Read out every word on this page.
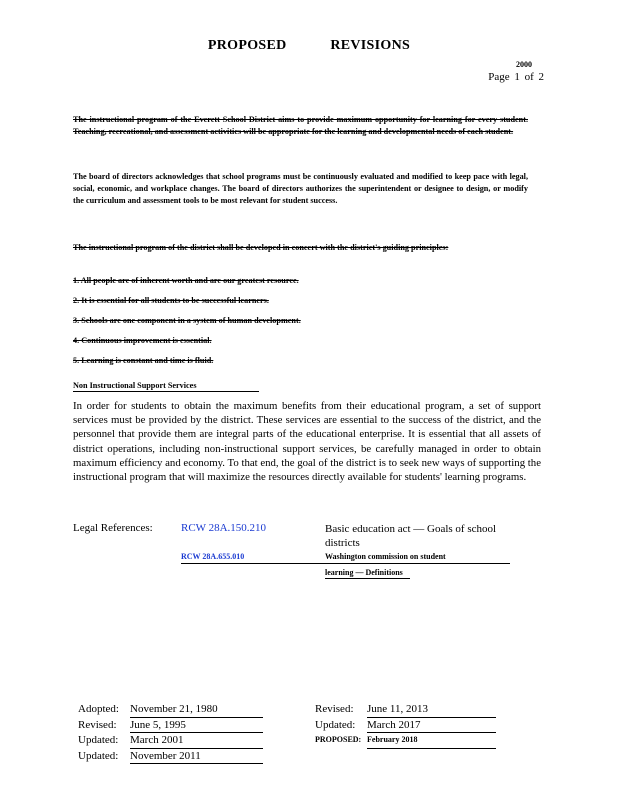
PROPOSED REVISIONS
2000
Page 1 of 2
The instructional program of the Everett School District aims to provide maximum opportunity for learning for every student. Teaching, recreational, and assessment activities will be appropriate for the learning and developmental needs of each student.
The board of directors acknowledges that school programs must be continuously evaluated and modified to keep pace with legal, social, economic, and workplace changes. The board of directors authorizes the superintendent or designee to design, or modify the curriculum and assessment tools to be most relevant for student success.
The instructional program of the district shall be developed in concert with the district's guiding principles:
1. All people are of inherent worth and are our greatest resource.
2. It is essential for all students to be successful learners.
3. Schools are one component in a system of human development.
4. Continuous improvement is essential.
5. Learning is constant and time is fluid.
Non Instructional Support Services
In order for students to obtain the maximum benefits from their educational program, a set of support services must be provided by the district. These services are essential to the success of the district, and the personnel that provide them are integral parts of the educational enterprise. It is essential that all assets of district operations, including non-instructional support services, be carefully managed in order to obtain maximum efficiency and economy. To that end, the goal of the district is to seek new ways of supporting the instructional program that will maximize the resources directly available for students' learning programs.
Legal References:	RCW 28A.150.210	Basic education act — Goals of school districts
RCW 28A.655.010	Washington commission on student
learning — Definitions
Adopted:	November 21, 1980
Revised:	June 5, 1995
Updated:	March 2001
Updated:	November 2011
Revised:	June 11, 2013
Updated:	March 2017
PROPOSED: February 2018
